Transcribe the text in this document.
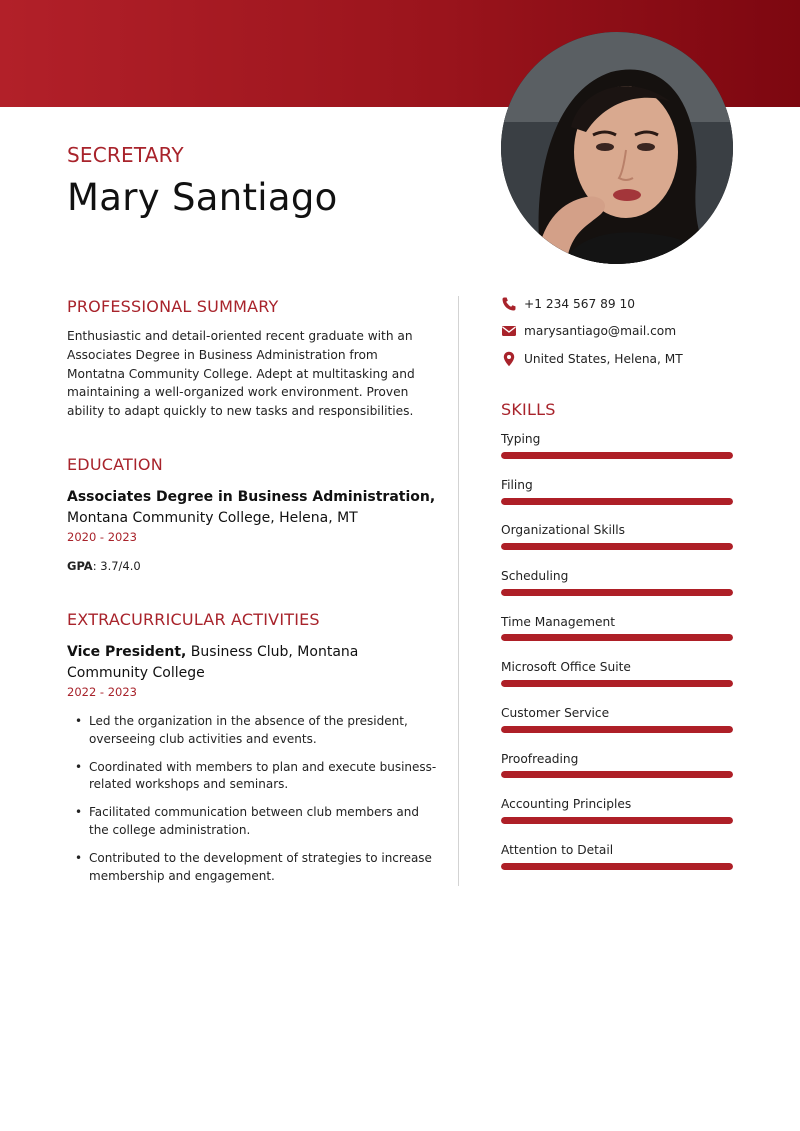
SECRETARY
Mary Santiago
PROFESSIONAL SUMMARY

Enthusiastic and detail-oriented recent graduate with an Associates Degree in Business Administration from Montatna Community College. Adept at multitasking and maintaining a well-organized work environment. Proven ability to adapt quickly to new tasks and responsibilities.

EDUCATION
Associates Degree in Business Administration,
Montana Community College, Helena, MT
2020 - 2023
GPA: 3.7/4.0
EXTRACURRICULAR ACTIVITIES
Vice President, Business Club, Montana Community College
2022 - 2023
• Led the organization in the absence of the president, overseeing club activities and events.
• Coordinated with members to plan and execute business-related workshops and seminars.
• Facilitated communication between club members and the college administration.
• Contributed to the development of strategies to increase membership and engagement.
+1 234 567 89 10
marysantiago@mail.com
United States, Helena, MT
SKILLS
Typing
Filing
Organizational Skills
Scheduling
Time Management
Microsoft Office Suite
Customer Service
Proofreading
Accounting Principles
Attention to Detail
